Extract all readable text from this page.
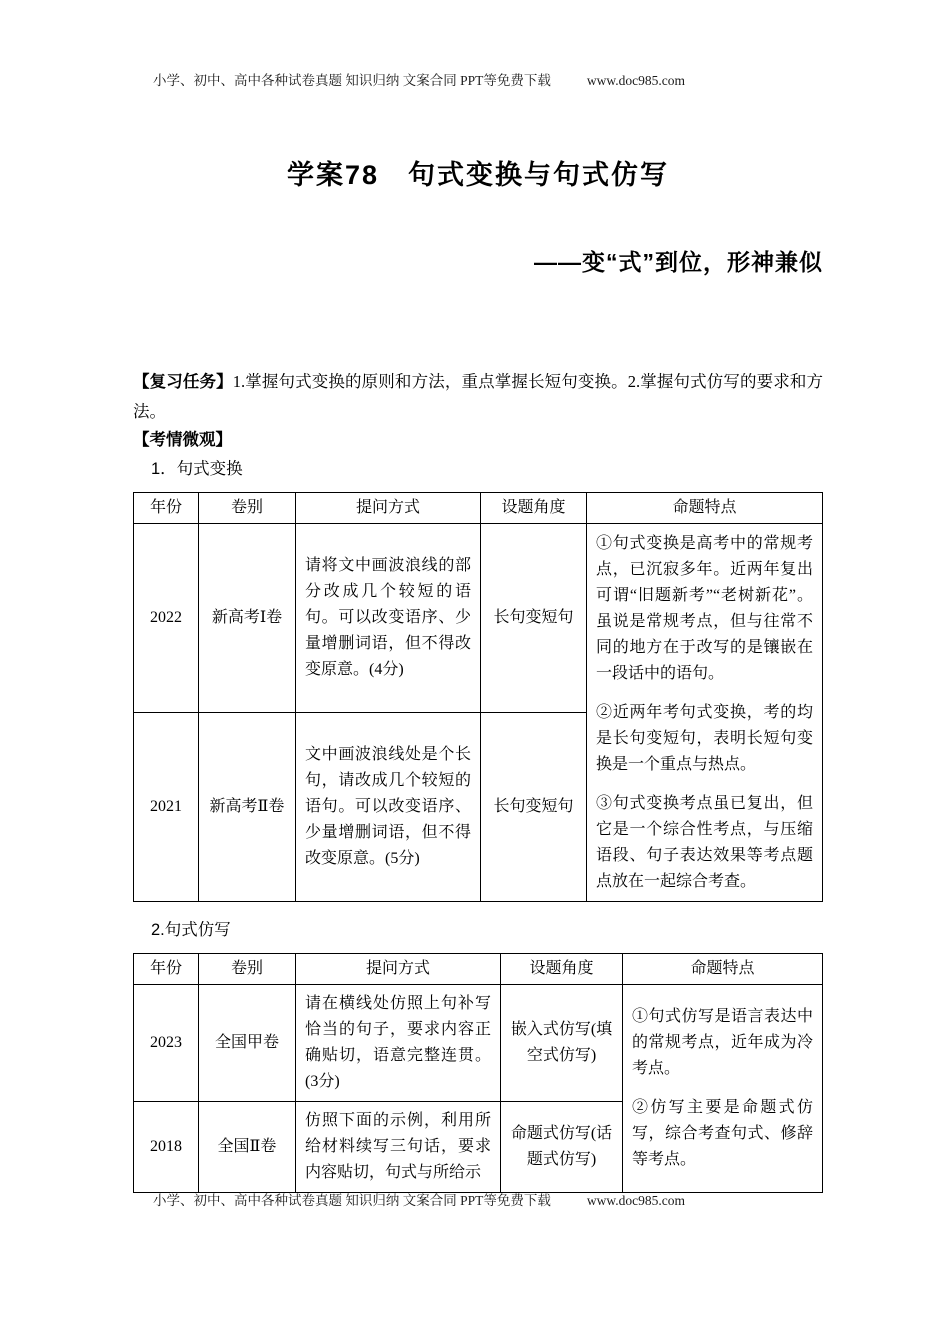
小学、初中、高中各种试卷真题 知识归纳 文案合同 PPT等免费下载	www.doc985.com
学案78　句式变换与句式仿写
——变“式”到位，形神兼似

【复习任务】1.掌握句式变换的原则和方法，重点掌握长短句变换。2.掌握句式仿写的要求和方法。

【考情微观】

1．句式变换

年份	卷别	提问方式	设题角度	命题特点
2022	新高考Ⅰ卷	请将文中画波浪线的部分改成几个较短的语句。可以改变语序、少量增删词语，但不得改变原意。(4分)	长句变短句	①句式变换是高考中的常规考点，已沉寂多年。近两年复出可谓“旧题新考”“老树新花”。虽说是常规考点，但与往常不同的地方在于改写的是镶嵌在一段话中的语句。

②近两年考句式变换，考的均是长句变短句，表明长短句变换是一个重点与热点。

③句式变换考点虽已复出，但它是一个综合性考点，与压缩语段、句子表达效果等考点题点放在一起综合考查。

2021	新高考Ⅱ卷	文中画波浪线处是个长句，请改成几个较短的语句。可以改变语序、少量增删词语，但不得改变原意。(5分)	长句变短句	

2.句式仿写

年份	卷别	提问方式	设题角度	命题特点
2023	全国甲卷	请在横线处仿照上句补写恰当的句子，要求内容正确贴切，语意完整连贯。(3分)	嵌入式仿写(填空式仿写)	①句式仿写是语言表达中的常规考点，近年成为冷考点。

②仿写主要是命题式仿写，综合考查句式、修辞等考点。

2018	全国Ⅱ卷	仿照下面的示例，利用所给材料续写三句话，要求内容贴切，句式与所给示	命题式仿写(话题式仿写)	
小学、初中、高中各种试卷真题 知识归纳 文案合同 PPT等免费下载	www.doc985.com
